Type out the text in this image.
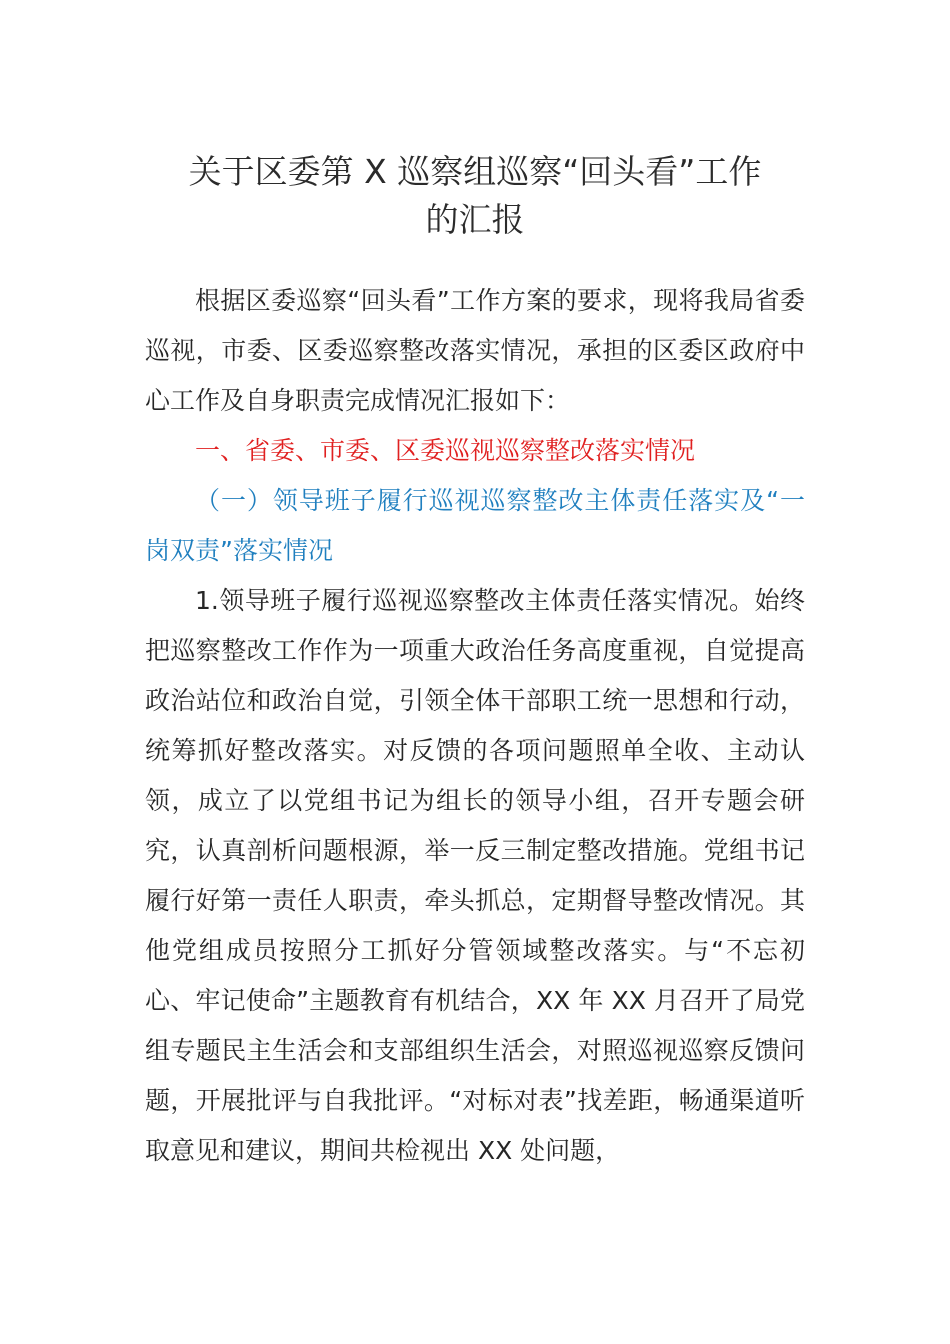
关于区委第 X 巡察组巡察“回头看”工作
的汇报

根据区委巡察“回头看”工作方案的要求，现将我局省委巡视，市委、区委巡察整改落实情况，承担的区委区政府中心工作及自身职责完成情况汇报如下：

一、省委、市委、区委巡视巡察整改落实情况

（一）领导班子履行巡视巡察整改主体责任落实及“一岗双责”落实情况

1.领导班子履行巡视巡察整改主体责任落实情况。始终把巡察整改工作作为一项重大政治任务高度重视，自觉提高政治站位和政治自觉，引领全体干部职工统一思想和行动，统筹抓好整改落实。对反馈的各项问题照单全收、主动认领，成立了以党组书记为组长的领导小组，召开专题会研究，认真剖析问题根源，举一反三制定整改措施。党组书记履行好第一责任人职责，牵头抓总，定期督导整改情况。其他党组成员按照分工抓好分管领域整改落实。与“不忘初心、牢记使命”主题教育有机结合，XX 年 XX 月召开了局党组专题民主生活会和支部组织生活会，对照巡视巡察反馈问题，开展批评与自我批评。“对标对表”找差距，畅通渠道听取意见和建议，期间共检视出 XX 处问题，
